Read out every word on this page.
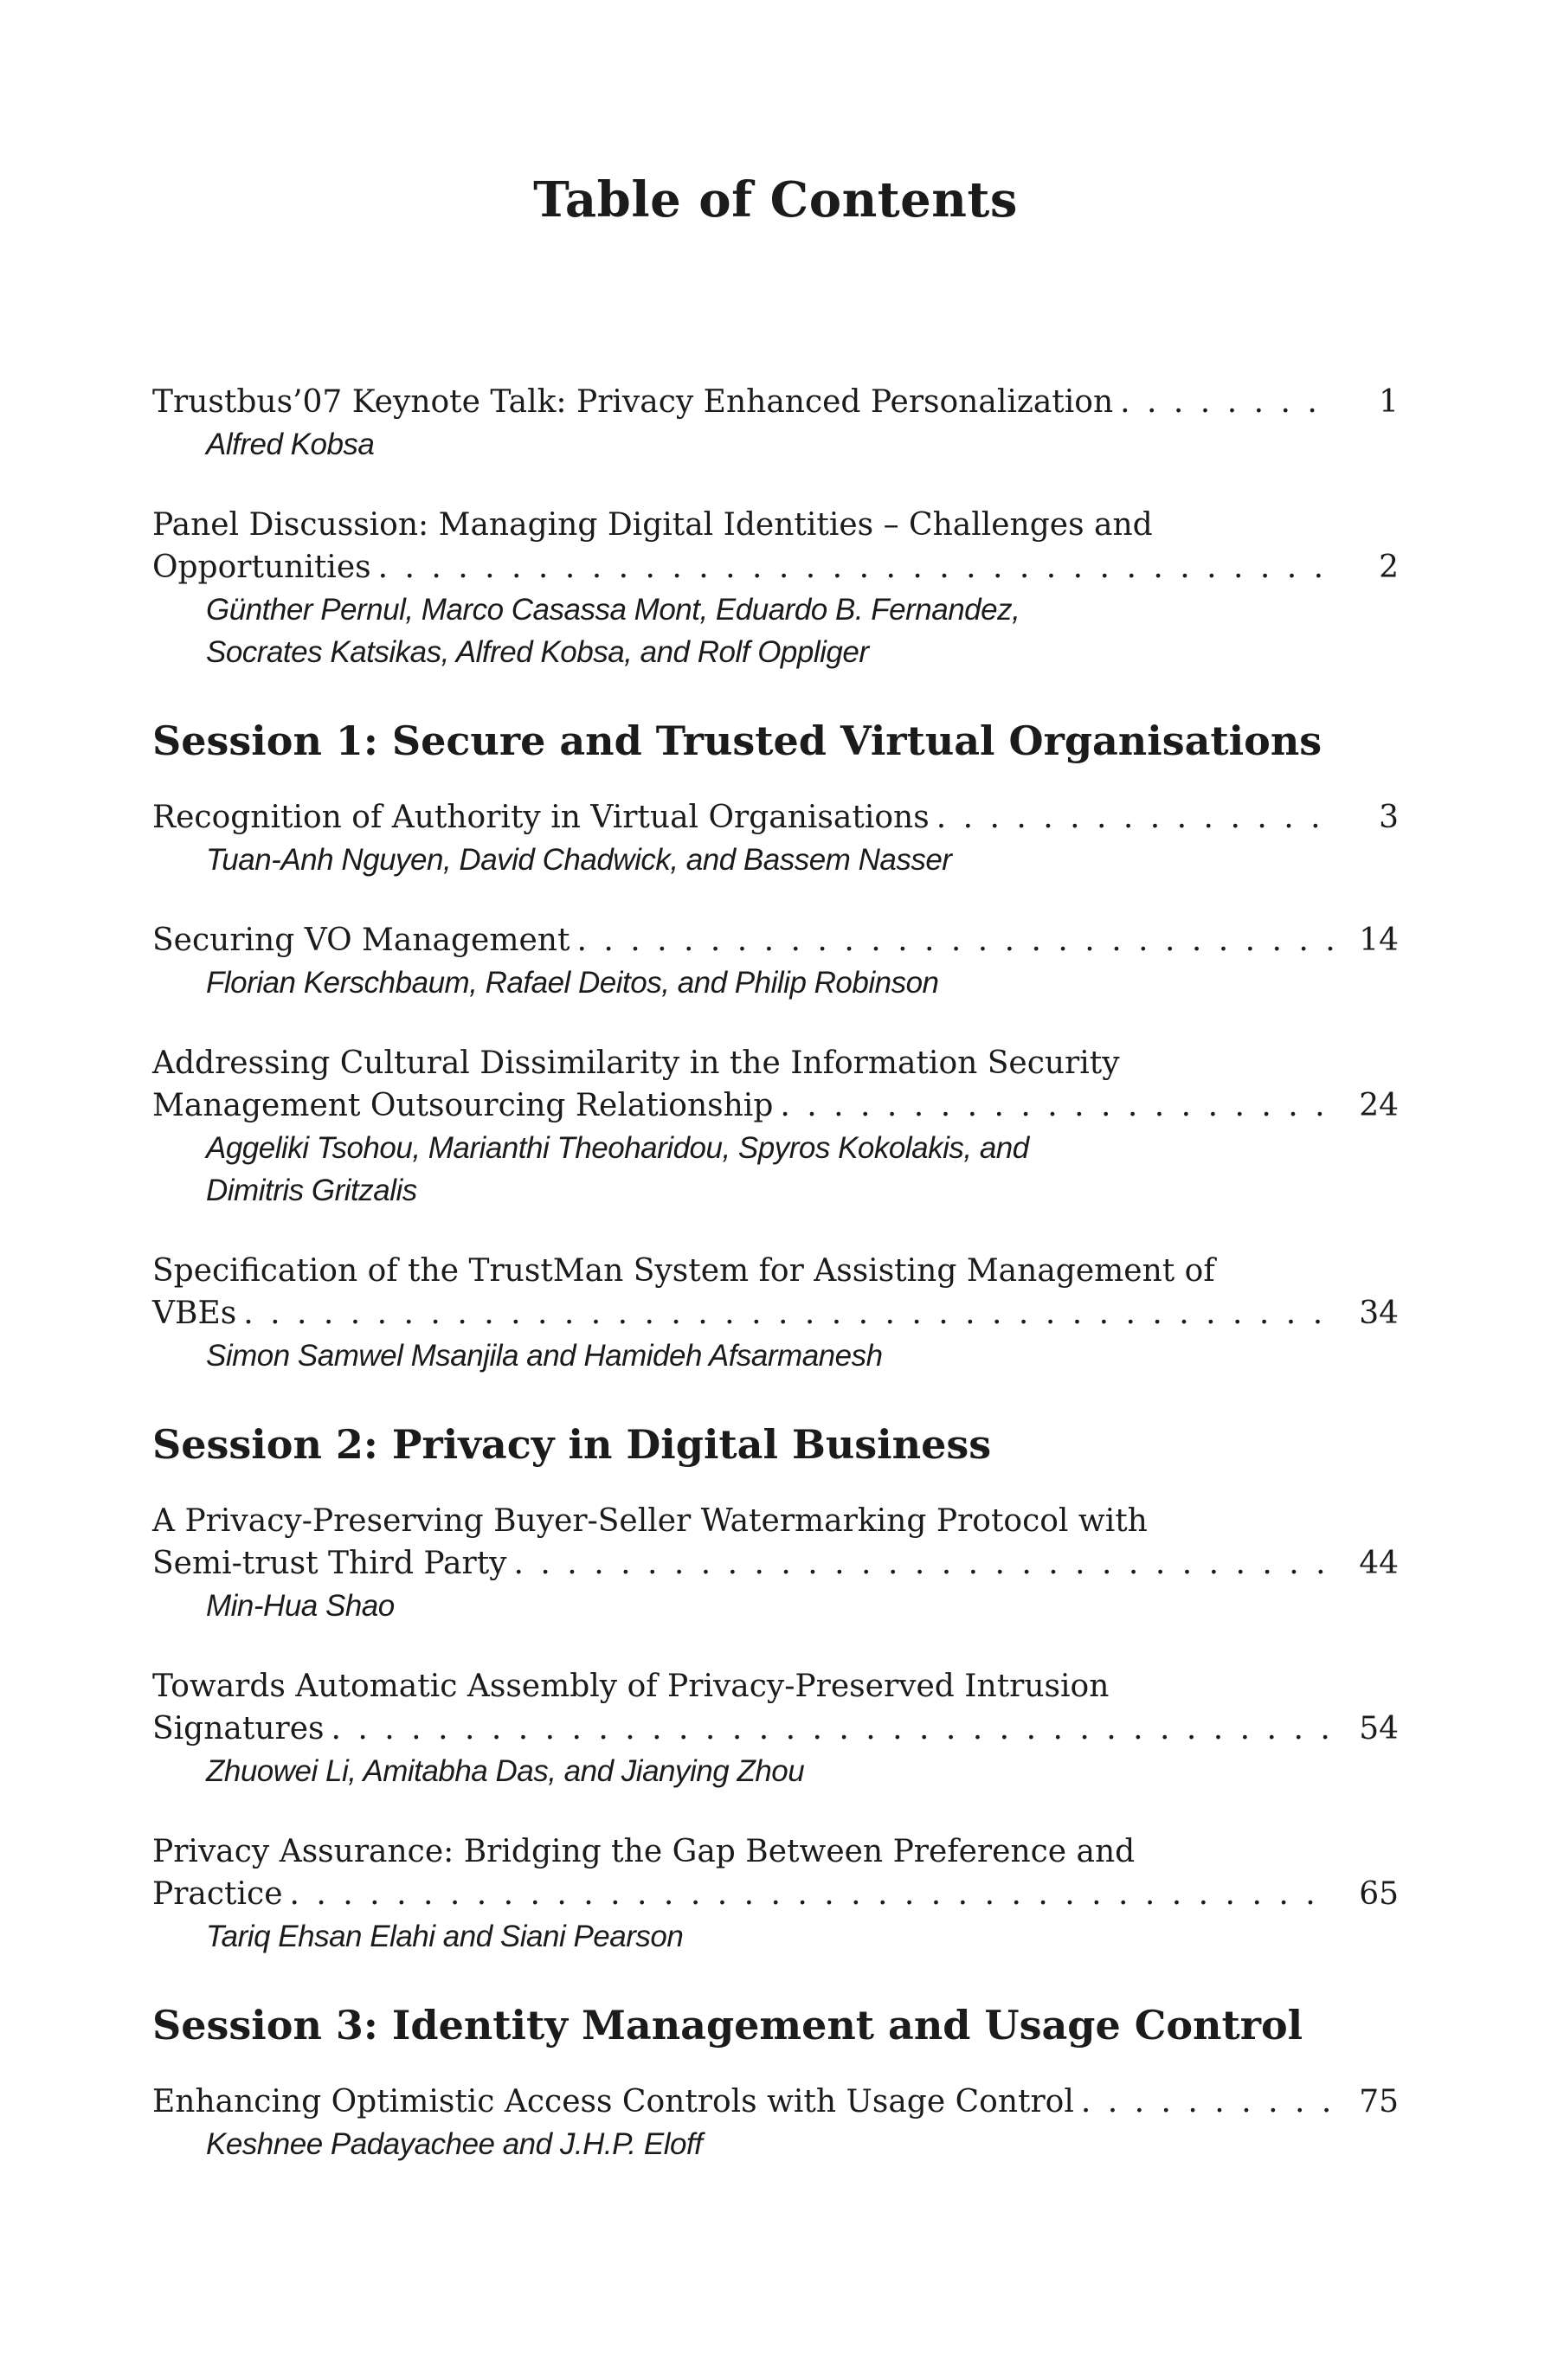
Table of Contents
Trustbus’07 Keynote Talk: Privacy Enhanced Personalization . . .	1
Alfred Kobsa
Panel Discussion: Managing Digital Identities – Challenges and
Opportunities . . .	2
Günther Pernul, Marco Casassa Mont, Eduardo B. Fernandez,
Socrates Katsikas, Alfred Kobsa, and Rolf Oppliger
Session 1: Secure and Trusted Virtual Organisations
Recognition of Authority in Virtual Organisations . . .	3
Tuan-Anh Nguyen, David Chadwick, and Bassem Nasser
Securing VO Management . . .	14
Florian Kerschbaum, Rafael Deitos, and Philip Robinson
Addressing Cultural Dissimilarity in the Information Security
Management Outsourcing Relationship . . .	24
Aggeliki Tsohou, Marianthi Theoharidou, Spyros Kokolakis, and
Dimitris Gritzalis
Specification of the TrustMan System for Assisting Management of
VBEs . . .	34
Simon Samwel Msanjila and Hamideh Afsarmanesh
Session 2: Privacy in Digital Business
A Privacy-Preserving Buyer-Seller Watermarking Protocol with
Semi-trust Third Party . . .	44
Min-Hua Shao
Towards Automatic Assembly of Privacy-Preserved Intrusion
Signatures . . .	54
Zhuowei Li, Amitabha Das, and Jianying Zhou
Privacy Assurance: Bridging the Gap Between Preference and
Practice . . .	65
Tariq Ehsan Elahi and Siani Pearson
Session 3: Identity Management and Usage Control
Enhancing Optimistic Access Controls with Usage Control . . .	75
Keshnee Padayachee and J.H.P. Eloff
